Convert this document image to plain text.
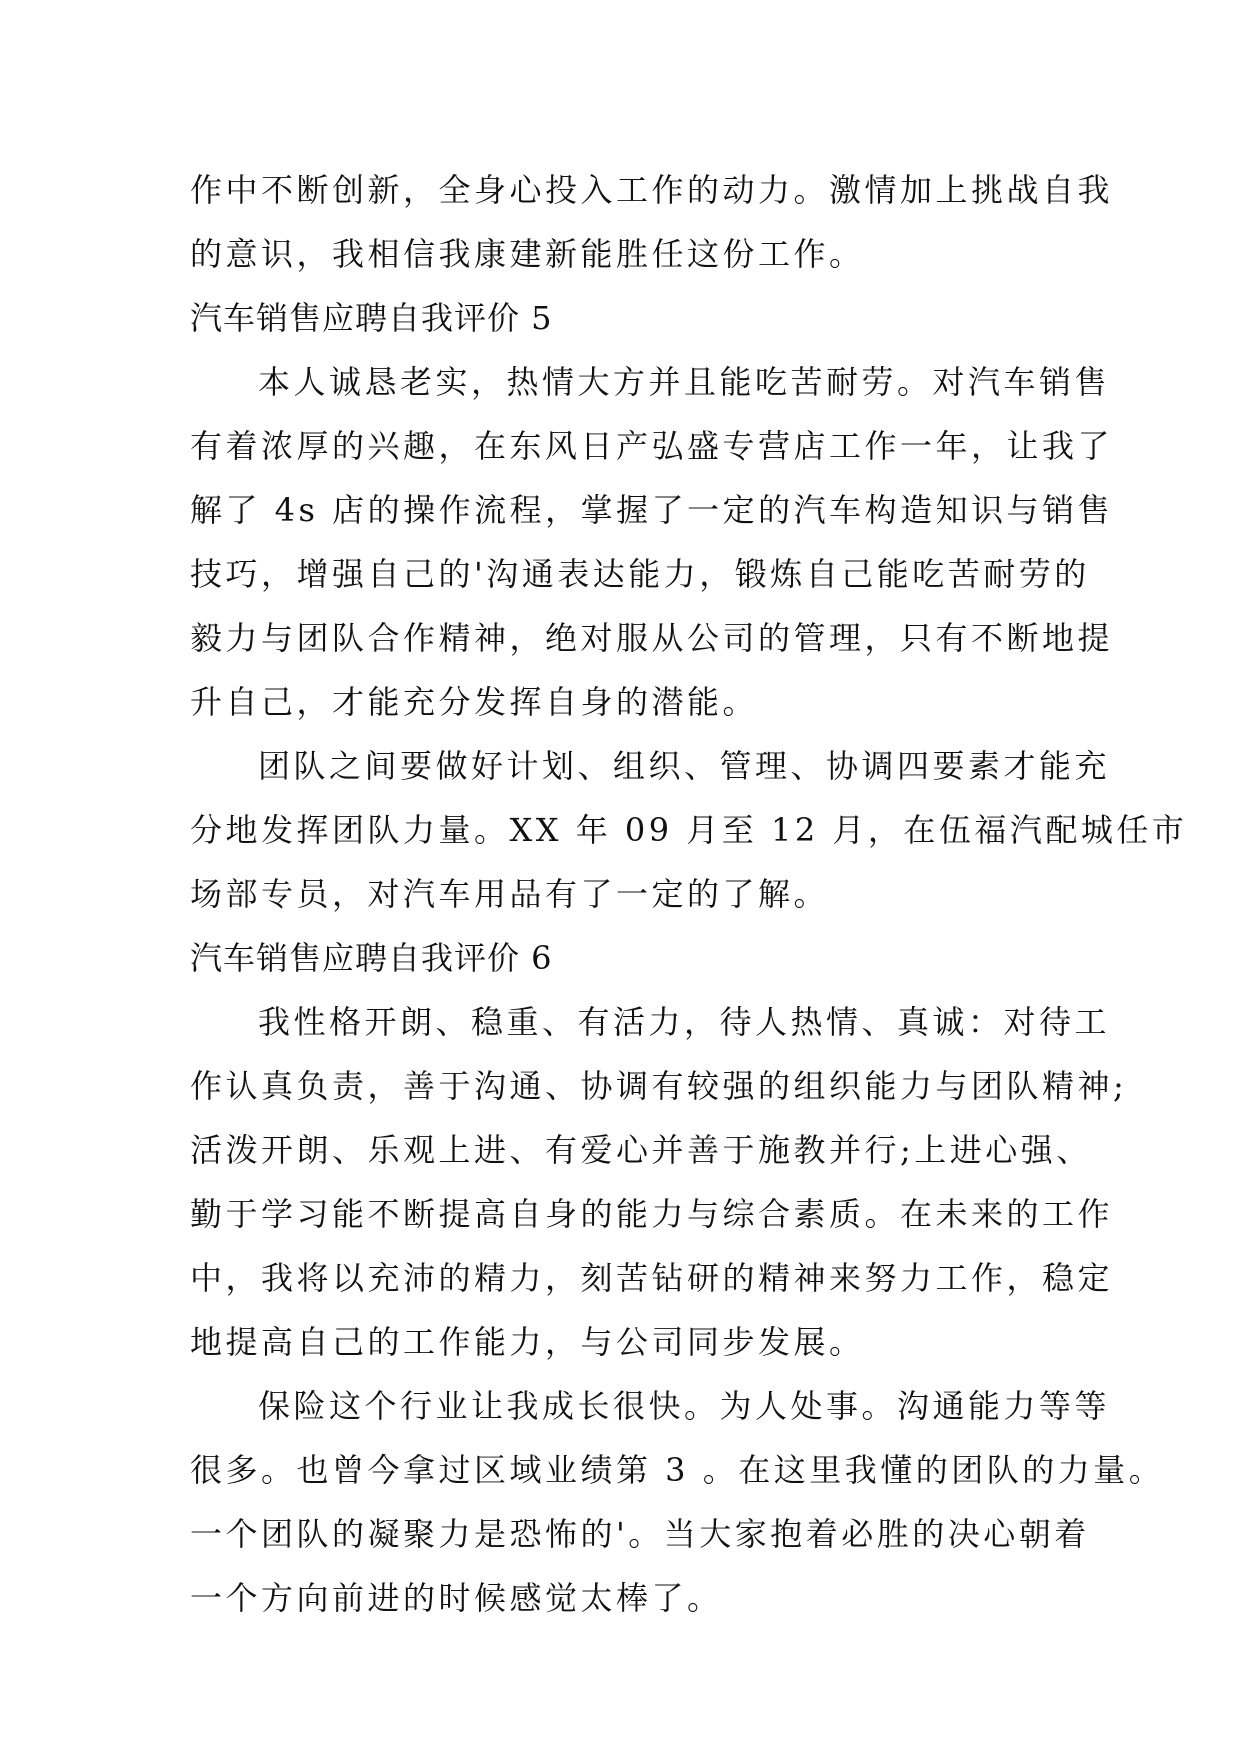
作中不断创新，全身心投入工作的动力。激情加上挑战自我
的意识，我相信我康建新能胜任这份工作。
汽车销售应聘自我评价 5
本人诚恳老实，热情大方并且能吃苦耐劳。对汽车销售
有着浓厚的兴趣，在东风日产弘盛专营店工作一年，让我了
解了 4s 店的操作流程，掌握了一定的汽车构造知识与销售
技巧，增强自己的'沟通表达能力，锻炼自己能吃苦耐劳的
毅力与团队合作精神，绝对服从公司的管理，只有不断地提
升自己，才能充分发挥自身的潜能。
团队之间要做好计划、组织、管理、协调四要素才能充
分地发挥团队力量。XX 年 09 月至 12 月，在伍福汽配城任市
场部专员，对汽车用品有了一定的了解。
汽车销售应聘自我评价 6
我性格开朗、稳重、有活力，待人热情、真诚：对待工
作认真负责，善于沟通、协调有较强的组织能力与团队精神;
活泼开朗、乐观上进、有爱心并善于施教并行;上进心强、
勤于学习能不断提高自身的能力与综合素质。在未来的工作
中，我将以充沛的精力，刻苦钻研的精神来努力工作，稳定
地提高自己的工作能力，与公司同步发展。
保险这个行业让我成长很快。为人处事。沟通能力等等
很多。也曾今拿过区域业绩第 3 。在这里我懂的团队的力量。
一个团队的凝聚力是恐怖的'。当大家抱着必胜的决心朝着
一个方向前进的时候感觉太棒了。
